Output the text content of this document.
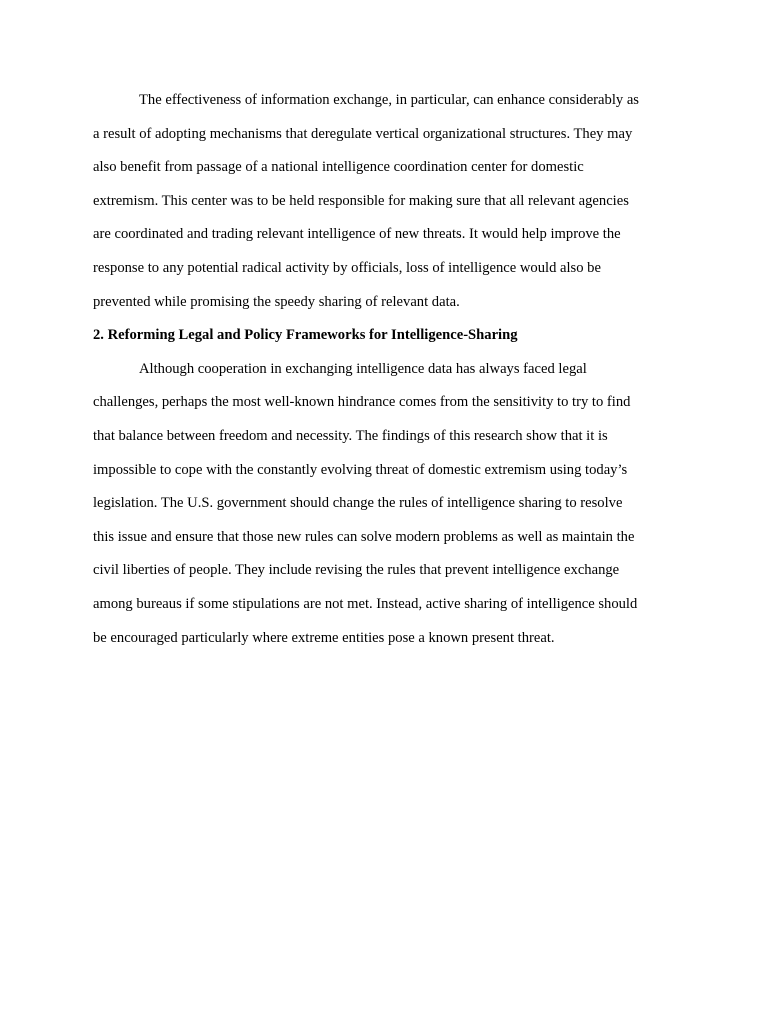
The effectiveness of information exchange, in particular, can enhance considerably as
a result of adopting mechanisms that deregulate vertical organizational structures. They may
also benefit from passage of a national intelligence coordination center for domestic
extremism. This center was to be held responsible for making sure that all relevant agencies
are coordinated and trading relevant intelligence of new threats. It would help improve the
response to any potential radical activity by officials, loss of intelligence would also be
prevented while promising the speedy sharing of relevant data.
2. Reforming Legal and Policy Frameworks for Intelligence-Sharing
Although cooperation in exchanging intelligence data has always faced legal
challenges, perhaps the most well-known hindrance comes from the sensitivity to try to find
that balance between freedom and necessity. The findings of this research show that it is
impossible to cope with the constantly evolving threat of domestic extremism using today’s
legislation. The U.S. government should change the rules of intelligence sharing to resolve
this issue and ensure that those new rules can solve modern problems as well as maintain the
civil liberties of people. They include revising the rules that prevent intelligence exchange
among bureaus if some stipulations are not met. Instead, active sharing of intelligence should
be encouraged particularly where extreme entities pose a known present threat.
